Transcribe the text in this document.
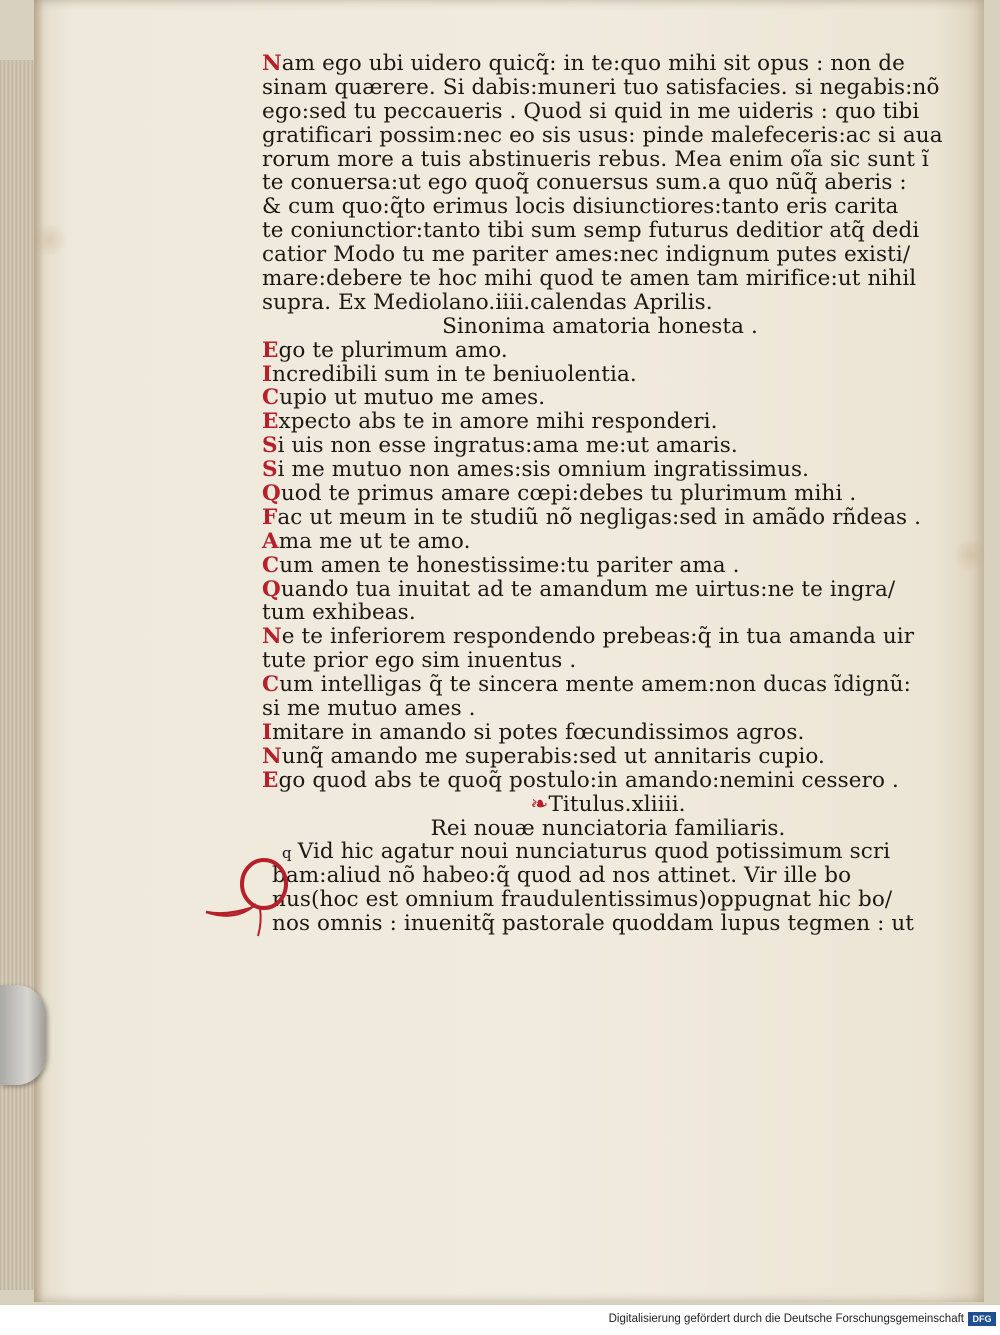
Nam ego ubi uidero quicq̃: in te:quo mihi sit opus : non de
sinam quærere. Si dabis:muneri tuo satisfacies. si negabis:nõ
ego:sed tu peccaueris . Quod si quid in me uideris : quo tibi
gratificari possim:nec eo sis usus: pinde malefeceris:ac si aua
rorum more a tuis abstinueris rebus. Mea enim oĩa sic sunt ĩ
te conuersa:ut ego quoq̃ conuersus sum.a quo nũq̃ aberis :
& cum quo:q̃to erimus locis disiunctiores:tanto eris carita
te coniunctior:tanto tibi sum semp futurus deditior atq̃ dedi
catior Modo tu me pariter ames:nec indignum putes existi/
mare:debere te hoc mihi quod te amen tam mirifice:ut nihil
supra. Ex Mediolano.iiii.calendas Aprilis.
Sinonima amatoria honesta .
Ego te plurimum amo.
Incredibili sum in te beniuolentia.
Cupio ut mutuo me ames.
Expecto abs te in amore mihi responderi.
Si uis non esse ingratus:ama me:ut amaris.
Si me mutuo non ames:sis omnium ingratissimus.
Quod te primus amare cœpi:debes tu plurimum mihi .
Fac ut meum in te studiũ nõ negligas:sed in amãdo rñdeas .
Ama me ut te amo.
Cum amen te honestissime:tu pariter ama .
Quando tua inuitat ad te amandum me uirtus:ne te ingra/
tum exhibeas.
Ne te inferiorem respondendo prebeas:q̃ in tua amanda uir
tute prior ego sim inuentus .
Cum intelligas q̃ te sincera mente amem:non ducas ĩdignũ:
si me mutuo ames .
Imitare in amando si potes fœcundissimos agros.
Nunq̃ amando me superabis:sed ut annitaris cupio.
Ego quod abs te quoq̃ postulo:in amando:nemini cessero .
❧Titulus.xliiii.
Rei nouæ nunciatoria familiaris.
q Vid hic agatur noui nunciaturus quod potissimum scri
bam:aliud nõ habeo:q̃ quod ad nos attinet. Vir ille bo
nus(hoc est omnium fraudulentissimus)oppugnat hic bo/
nos omnis : inuenitq̃ pastorale quoddam lupus tegmen : ut
Digitalisierung gefördert durch die Deutsche Forschungsgemeinschaft DFG
